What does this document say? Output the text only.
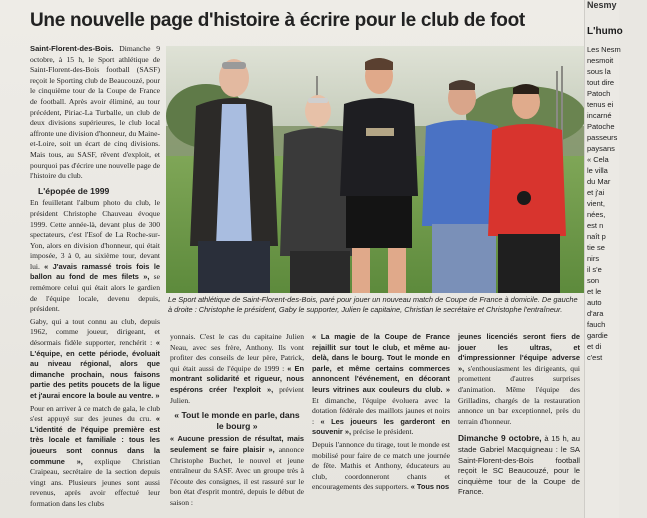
Une nouvelle page d'histoire à écrire pour le club de foot

Saint-Florent-des-Bois. Dimanche 9 octobre, à 15 h, le Sport athlétique de Saint-Florent-des-Bois football (SASF) reçoit le Sporting club de Beaucouzé, pour le cinquième tour de la Coupe de France de football. Après avoir éliminé, au tour précédent, Piriac-La Turballe, un club de deux divisions supérieures, le club local affronte une division d'honneur, du Maine-et-Loire, soit un écart de cinq divisions. Mais tous, au SASF, rêvent d'exploit, et pourquoi pas d'écrire une nouvelle page de l'histoire du club.

L'épopée de 1999

En feuilletant l'album photo du club, le président Christophe Chauveau évoque 1999. Cette année-là, devant plus de 300 spectateurs, c'est l'Esof de La Roche-sur-Yon, alors en division d'honneur, qui était imposée, 3 à 0, au sixième tour, devant lui. « J'avais ramassé trois fois le ballon au fond de mes filets », se remémore celui qui était alors le gardien de l'équipe locale, devenu depuis, président.

Gaby, qui a tout connu au club, depuis 1962, comme joueur, dirigeant, et désormais fidèle supporter, renchérit : « L'équipe, en cette période, évoluait au niveau régional, alors que dimanche prochain, nous faisons partie des petits poucets de la ligue et j'aurai encore la boule au ventre. »

Pour en arriver à ce match de gala, le club s'est appuyé sur des jeunes du cru. « L'identité de l'équipe première est très locale et familiale : tous les joueurs sont connus dans la commune », explique Christian Craipeau, secrétaire de la section depuis vingt ans. Plusieurs jeunes sont aussi revenus, après avoir effectué leur formation dans les clubs

Le Sport athlétique de Saint-Florent-des-Bois, paré pour jouer un nouveau match de Coupe de France à domicile. De gauche à droite : Christophe le président, Gaby le supporter, Julien le capitaine, Christian le secrétaire et Christophe l'entraîneur.

yonnais. C'est le cas du capitaine Julien Neau, avec ses frère, Anthony. Ils vont profiter des conseils de leur père, Patrick, qui était aussi de l'équipe de 1999 : « En montrant solidarité et rigueur, nous espérons créer l'exploit », prévient Julien.

« Tout le monde en parle, dans le bourg »

« Aucune pression de résultat, mais seulement se faire plaisir », annonce Christophe Buchet, le nouvel et jeune entraîneur du SASF. Avec un groupe très à l'écoute des consignes, il est rassuré sur le bon état d'esprit montré, depuis le début de saison :

« La magie de la Coupe de France rejaillit sur tout le club, et même au-delà, dans le bourg. Tout le monde en parle, et même certains commerces annoncent l'événement, en décorant leurs vitrines aux couleurs du club. » Et dimanche, l'équipe évoluera avec la dotation fédérale des maillots jaunes et noirs : « Les joueurs les garderont en souvenir », précise le président.

Depuis l'annonce du tirage, tout le monde est mobilisé pour faire de ce match une journée de fête. Mathis et Anthony, éducateurs au club, coordonneront chants et encouragements des supporters. « Tous nos

jeunes licenciés seront fiers de jouer les ultras, et d'impressionner l'équipe adverse », s'enthousiasment les dirigeants, qui promettent d'autres surprises d'animation. Même l'équipe des Grilladins, chargés de la restauration annonce un bar exceptionnel, près du terrain d'honneur.

Dimanche 9 octobre, à 15 h, au stade Gabriel Macquigneau : le SA Saint-Florent-des-Bois football reçoit le SC Beaucouzé, pour le cinquième tour de la Coupe de France.

Nesmy
L'humo
Les Nesm
nesmoit
sous la
tout dire
Patoch
tenus ei
incarné
Patoche
passeurs
paysans
« Cela
le villa
du Mar
et j'ai
vient,
nées,
est n
naît p
tie se
nirs
il s'e
son
et le
auto
d'ara
fauch
gardie
et di
c'est
